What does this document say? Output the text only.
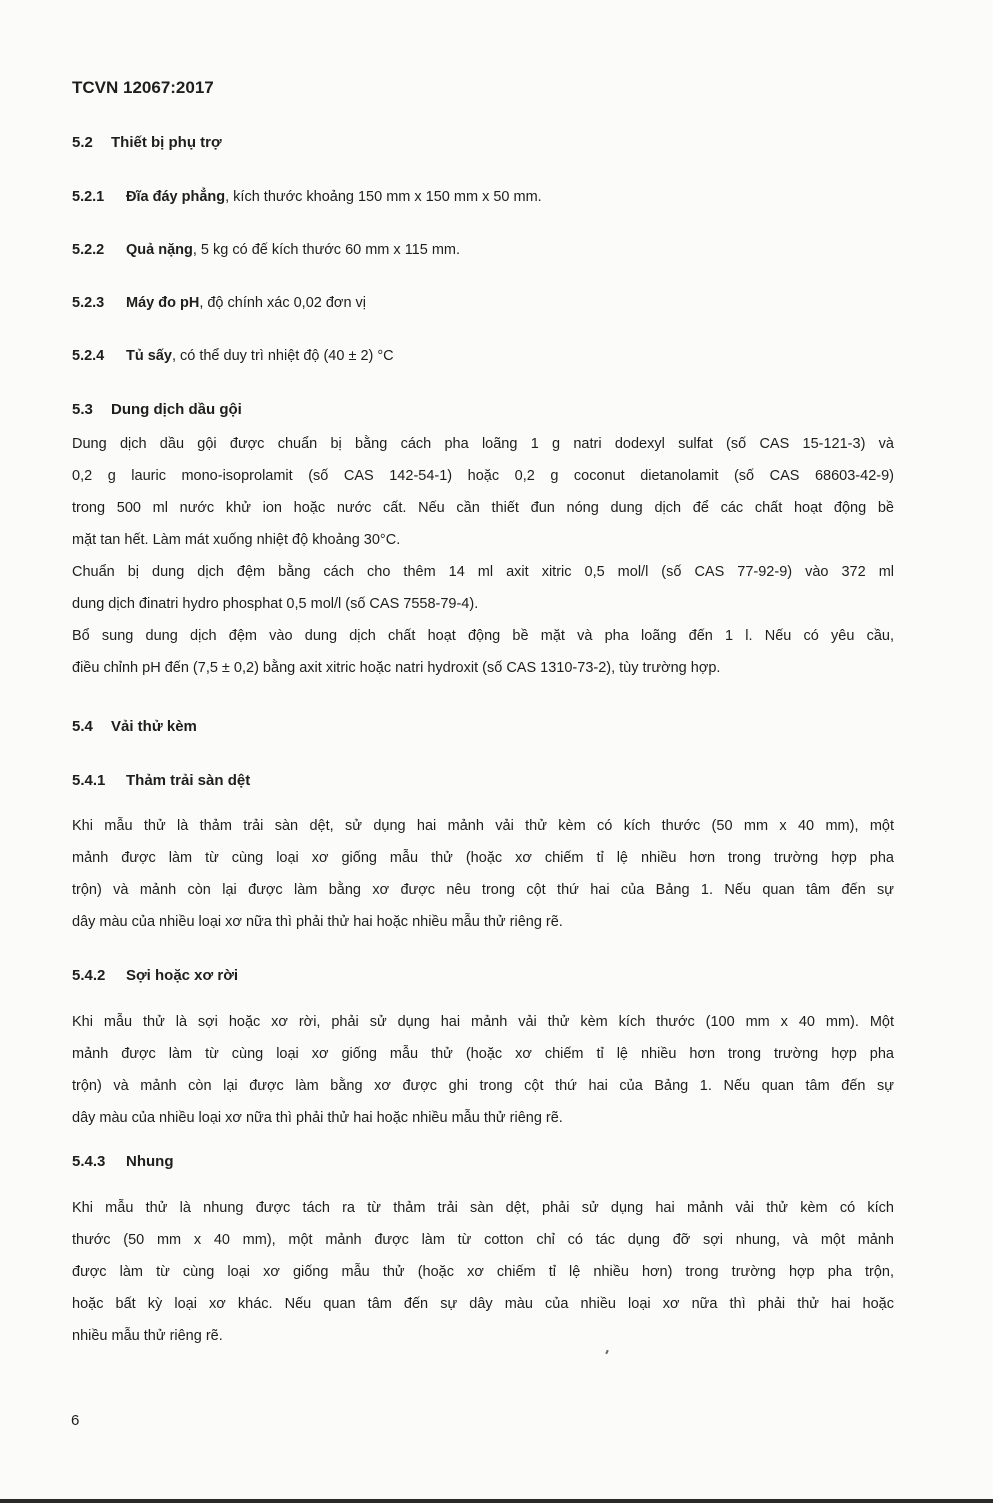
TCVN 12067:2017
5.2 Thiết bị phụ trợ
5.2.1 Đĩa đáy phẳng, kích thước khoảng 150 mm x 150 mm x 50 mm.
5.2.2 Quả nặng, 5 kg có đế kích thước 60 mm x 115 mm.
5.2.3 Máy đo pH, độ chính xác 0,02 đơn vị
5.2.4 Tủ sấy, có thể duy trì nhiệt độ (40 ± 2) °C
5.3 Dung dịch dầu gội
Dung dịch dầu gội được chuẩn bị bằng cách pha loãng 1 g natri dodexyl sulfat (số CAS 15-121-3) và
0,2 g lauric mono-isoprolamit (số CAS 142-54-1) hoặc 0,2 g coconut dietanolamit (số CAS 68603-42-9)
trong 500 ml nước khử ion hoặc nước cất. Nếu cần thiết đun nóng dung dịch để các chất hoạt động bề
mặt tan hết. Làm mát xuống nhiệt độ khoảng 30°C.
Chuẩn bị dung dịch đệm bằng cách cho thêm 14 ml axit xitric 0,5 mol/l (số CAS 77-92-9) vào 372 ml
dung dịch đinatri hydro phosphat 0,5 mol/l (số CAS 7558-79-4).
Bổ sung dung dịch đệm vào dung dịch chất hoạt động bề mặt và pha loãng đến 1 l. Nếu có yêu cầu,
điều chỉnh pH đến (7,5 ± 0,2) bằng axit xitric hoặc natri hydroxit (số CAS 1310-73-2), tùy trường hợp.
5.4 Vải thử kèm
5.4.1 Thảm trải sàn dệt
Khi mẫu thử là thảm trải sàn dệt, sử dụng hai mảnh vải thử kèm có kích thước (50 mm x 40 mm), một
mảnh được làm từ cùng loại xơ giống mẫu thử (hoặc xơ chiếm tỉ lệ nhiều hơn trong trường hợp pha
trộn) và mảnh còn lại được làm bằng xơ được nêu trong cột thứ hai của Bảng 1. Nếu quan tâm đến sự
dây màu của nhiều loại xơ nữa thì phải thử hai hoặc nhiều mẫu thử riêng rẽ.
5.4.2 Sợi hoặc xơ rời
Khi mẫu thử là sợi hoặc xơ rời, phải sử dụng hai mảnh vải thử kèm kích thước (100 mm x 40 mm). Một
mảnh được làm từ cùng loại xơ giống mẫu thử (hoặc xơ chiếm tỉ lệ nhiều hơn trong trường hợp pha
trộn) và mảnh còn lại được làm bằng xơ được ghi trong cột thứ hai của Bảng 1. Nếu quan tâm đến sự
dây màu của nhiều loại xơ nữa thì phải thử hai hoặc nhiều mẫu thử riêng rẽ.
5.4.3 Nhung
Khi mẫu thử là nhung được tách ra từ thảm trải sàn dệt, phải sử dụng hai mảnh vải thử kèm có kích
thước (50 mm x 40 mm), một mảnh được làm từ cotton chỉ có tác dụng đỡ sợi nhung, và một mảnh
được làm từ cùng loại xơ giống mẫu thử (hoặc xơ chiếm tỉ lệ nhiều hơn) trong trường hợp pha trộn,
hoặc bất kỳ loại xơ khác. Nếu quan tâm đến sự dây màu của nhiều loại xơ nữa thì phải thử hai hoặc
nhiều mẫu thử riêng rẽ.
6
